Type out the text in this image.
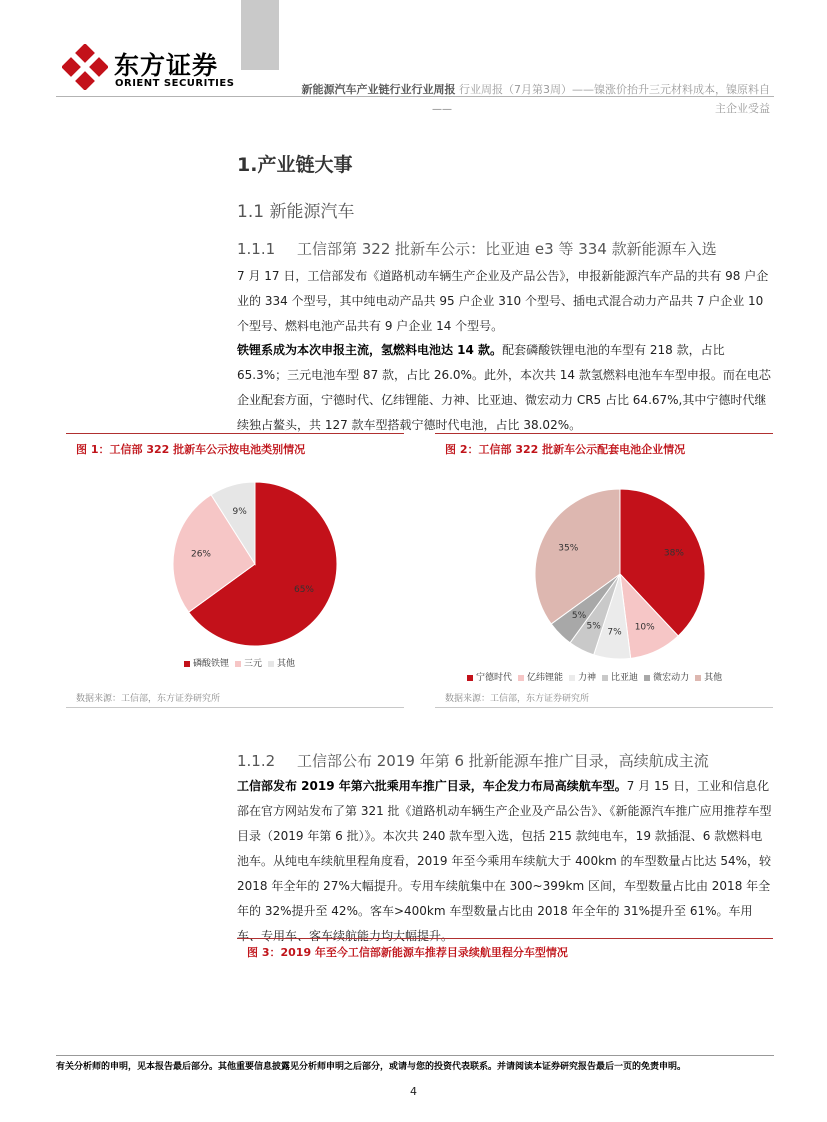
东方证券
ORIENT SECURITIES	新能源汽车产业链行业行业周报 行业周报（7月第3周）——镍涨价抬升三元材料成本，镍原料自
主企业受益
——
1.产业链大事
1.1 新能源汽车
1.1.1 工信部第 322 批新车公示：比亚迪 e3 等 334 款新能源车入选
7 月 17 日，工信部发布《道路机动车辆生产企业及产品公告》，申报新能源汽车产品的共有 98 户企业的 334 个型号，其中纯电动产品共 95 户企业 310 个型号、插电式混合动力产品共 7 户企业 10 个型号、燃料电池产品共有 9 户企业 14 个型号。
铁锂系成为本次申报主流，氢燃料电池达 14 款。配套磷酸铁锂电池的车型有 218 款，占比 65.3%；三元电池车型 87 款，占比 26.0%。此外，本次共 14 款氢燃料电池车车型申报。而在电芯企业配套方面，宁德时代、亿纬锂能、力神、比亚迪、微宏动力 CR5 占比 64.67%,其中宁德时代继续独占鳌头，共 127 款车型搭载宁德时代电池，占比 38.02%。
图 1：工信部 322 批新车公示按电池类别情况
65%
26%
9%
磷酸铁锂 三元 其他
数据来源：工信部，东方证券研究所
图 2：工信部 322 批新车公示配套电池企业情况
38%
10%
7%
5%
5%
35%
宁德时代 亿纬锂能 力神 比亚迪 微宏动力 其他
数据来源：工信部，东方证券研究所
1.1.2 工信部公布 2019 年第 6 批新能源车推广目录，高续航成主流
工信部发布 2019 年第六批乘用车推广目录，车企发力布局高续航车型。7 月 15 日，工业和信息化部在官方网站发布了第 321 批《道路机动车辆生产企业及产品公告》、《新能源汽车推广应用推荐车型目录（2019 年第 6 批）》。本次共 240 款车型入选，包括 215 款纯电车，19 款插混、6 款燃料电池车。从纯电车续航里程角度看，2019 年至今乘用车续航大于 400km 的车型数量占比达 54%，较 2018 年全年的 27%大幅提升。专用车续航集中在 300~399km 区间，车型数量占比由 2018 年全年的 32%提升至 42%。客车>400km 车型数量占比由 2018 年全年的 31%提升至 61%。车用车、专用车、客车续航能力均大幅提升。
图 3：2019 年至今工信部新能源车推荐目录续航里程分车型情况
有关分析师的申明，见本报告最后部分。其他重要信息披露见分析师申明之后部分，或请与您的投资代表联系。并请阅读本证券研究报告最后一页的免责申明。
4
